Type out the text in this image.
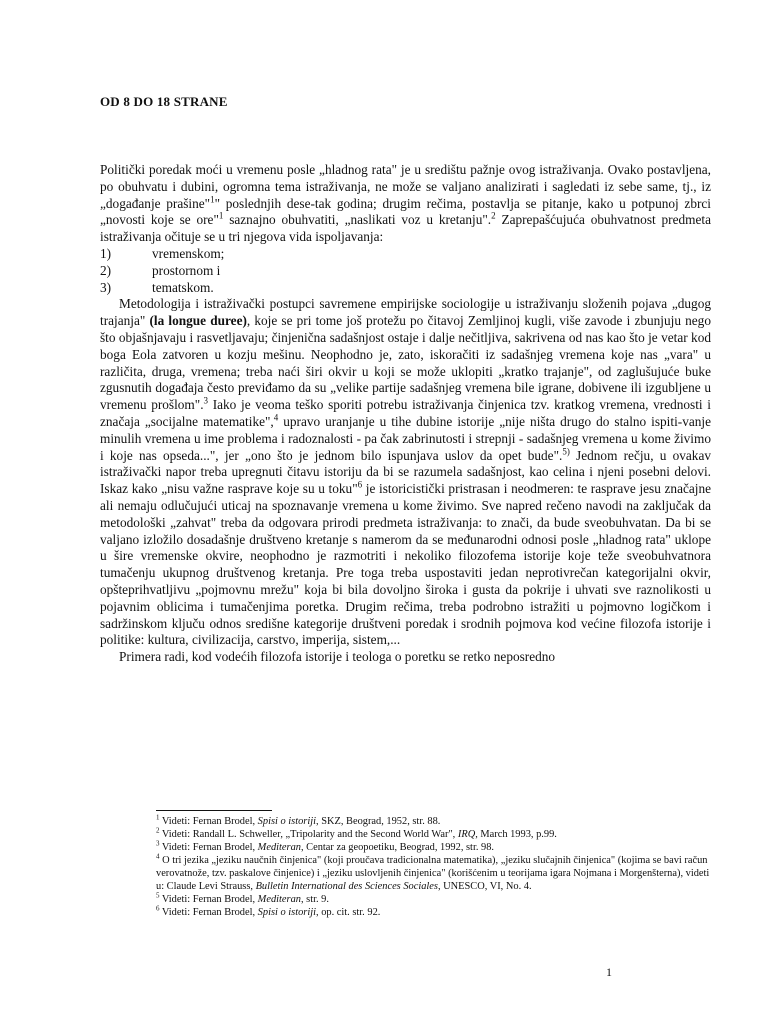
OD 8 DO 18 STRANE

Politički poredak moći u vremenu posle „hladnog rata" je u središtu pažnje ovog istraživanja. Ovako postavljena, po obuhvatu i dubini, ogromna tema istraživanja, ne može se valjano analizirati i sagledati iz sebe same, tj., iz „događanje prašine"$^1$" poslednjih dese-tak godina; drugim rečima, postavlja se pitanje, kako u potpunoj zbrci „novosti koje se ore"$^1$ saznajno obuhvatiti, „naslikati voz u kretanju".$^2$ Zaprepašćujuća obuhvatnost predmeta istraživanja očituje se u tri njegova vida ispoljavanja:

1)	vremenskom;
2)	prostornom i
3)	tematskom.

Metodologija i istraživački postupci savremene empirijske sociologije u istraživanju složenih pojava „dugog trajanja" (la longue duree), koje se pri tome još protežu po čitavoj Zemljinoj kugli, više zavode i zbunjuju nego što objašnjavaju i rasvetljavaju; činjenična sadašnjost ostaje i dalje nečitljiva, sakrivena od nas kao što je vetar kod boga Eola zatvoren u kozju mešinu. Neophodno je, zato, iskoračiti iz sadašnjeg vremena koje nas „vara" u različita, druga, vremena; treba naći širi okvir u koji se može uklopiti „kratko trajanje", od zaglušujuće buke zgusnutih događaja često previđamo da su „velike partije sadašnjeg vremena bile igrane, dobivene ili izgubljene u vremenu prošlom".$^3$ Iako je veoma teško sporiti potrebu istraživanja činjenica tzv. kratkog vremena, vrednosti i značaja „socijalne matematike",$^4$ upravo uranjanje u tihe dubine istorije „nije ništa drugo do stalno ispiti-vanje minulih vremena u ime problema i radoznalosti - pa čak zabrinutosti i strepnji - sadašnjeg vremena u kome živimo i koje nas opseda...", jer „ono što je jednom bilo ispunjava uslov da opet bude".$^{5)}$ Jednom rečju, u ovakav istraživački napor treba upregnuti čitavu istoriju da bi se razumela sadašnjost, kao celina i njeni posebni delovi. Iskaz kako „nisu važne rasprave koje su u toku"$^6$ je istoricistički pristrasan i neodmeren: te rasprave jesu značajne ali nemaju odlučujući uticaj na spoznavanje vremena u kome živimo. Sve napred rečeno navodi na zaključak da metodološki „zahvat" treba da odgovara prirodi predmeta istraživanja: to znači, da bude sveobuhvatan. Da bi se valjano izložilo dosadašnje društveno kretanje s namerom da se međunarodni odnosi posle „hladnog rata" uklope u šire vremenske okvire, neophodno je razmotriti i nekoliko filozofema istorije koje teže sveobuhvatnora tumačenju ukupnog društvenog kretanja. Pre toga treba uspostaviti jedan neprotivrečan kategorijalni okvir, opšteprihvatljivu „pojmovnu mrežu" koja bi bila dovoljno široka i gusta da pokrije i uhvati sve raznolikosti u pojavnim oblicima i tumačenjima poretka. Drugim rečima, treba podrobno istražiti u pojmovno logičkom i sadržinskom ključu odnos središne kategorije društveni poredak i srodnih pojmova kod većine filozofa istorije i politike: kultura, civilizacija, carstvo, imperija, sistem,...

Primera radi, kod vodećih filozofa istorije i teologa o poretku se retko neposredno

$^1$ Videti: Fernan Brodel, Spisi o istoriji, SKZ, Beograd, 1952, str. 88.

$^2$ Videti: Randall L. Schweller, „Tripolarity and the Second World War", IRQ, March 1993, p.99.

$^3$ Videti: Fernan Brodel, Mediteran, Centar za geopoetiku, Beograd, 1992, str. 98.

$^4$ O tri jezika „jeziku naučnih činjenica" (koji proučava tradicionalna matematika), „jeziku slučajnih činjenica" (kojima se bavi račun verovatnože, tzv. paskalove činjenice) i „jeziku uslovljenih činjenica" (korišćenim u teorijama igara Nojmana i Morgenšterna), videti u: Claude Levi Strauss, Bulletin International des Sciences Sociales, UNESCO, VI, No. 4.

$^5$ Videti: Fernan Brodel, Mediteran, str. 9.

$^6$ Videti: Fernan Brodel, Spisi o istoriji, op. cit. str. 92.

1
